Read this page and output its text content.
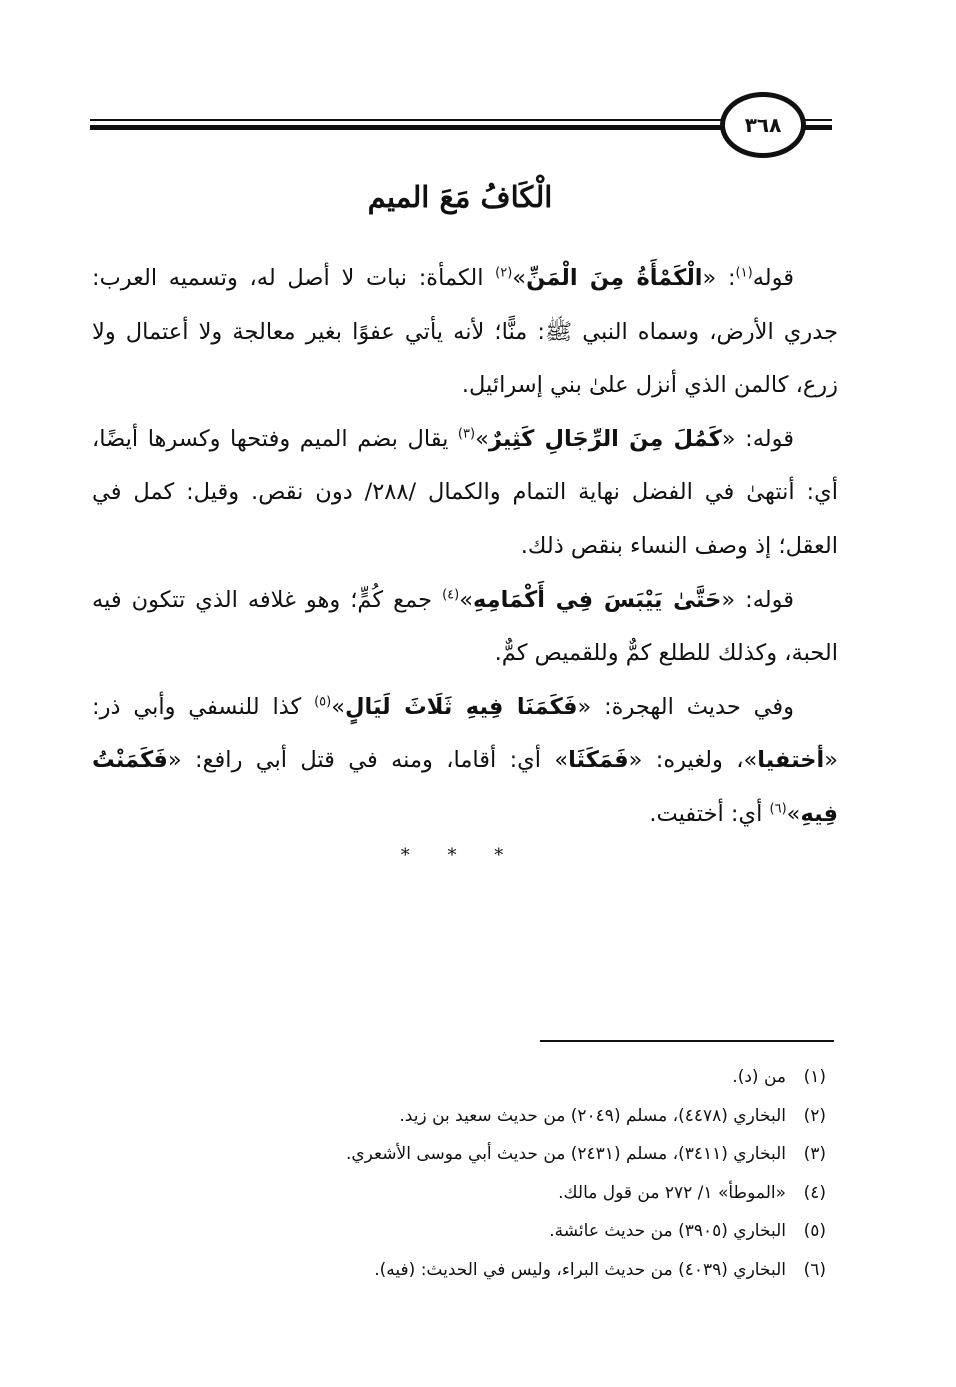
٣٦٨
الْكَافُ مَعَ الميم

قوله$^{(١)}$: «الْكَمْأَةُ مِنَ الْمَنِّ»$^{(٢)}$ الكمأة: نبات لا أصل له، وتسميه العرب: جدري الأرض، وسماه النبي ﷺ: منًّا؛ لأنه يأتي عفوًا بغير معالجة ولا أعتمال ولا زرع، كالمن الذي أنزل علىٰ بني إسرائيل.

قوله: «كَمُلَ مِنَ الرِّجَالِ كَثِيرٌ»$^{(٣)}$ يقال بضم الميم وفتحها وكسرها أيضًا، أي: أنتهىٰ في الفضل نهاية التمام والكمال /٢٨٨/ دون نقص. وقيل: كمل في العقل؛ إذ وصف النساء بنقص ذلك.

قوله: «حَتَّىٰ يَيْبَسَ فِي أَكْمَامِهِ»$^{(٤)}$ جمع كُمٍّ؛ وهو غلافه الذي تتكون فيه الحبة، وكذلك للطلع كمٌّ وللقميص كمٌّ.

وفي حديث الهجرة: «فَكَمَنَا فِيهِ ثَلَاثَ لَيَالٍ»$^{(٥)}$ كذا للنسفي وأبي ذر: «أختفيا»، ولغيره: «فَمَكَثَا» أي: أقاما، ومنه في قتل أبي رافع: «فَكَمَنْتُ فِيهِ»$^{(٦)}$ أي: أختفيت.

* * *

(١)من (د).

(٢)البخاري (٤٤٧٨)، مسلم (٢٠٤٩) من حديث سعيد بن زيد.

(٣)البخاري (٣٤١١)، مسلم (٢٤٣١) من حديث أبي موسى الأشعري.

(٤)«الموطأ» ١/ ٢٧٢ من قول مالك.

(٥)البخاري (٣٩٠٥) من حديث عائشة.

(٦)البخاري (٤٠٣٩) من حديث البراء، وليس في الحديث: (فيه).
